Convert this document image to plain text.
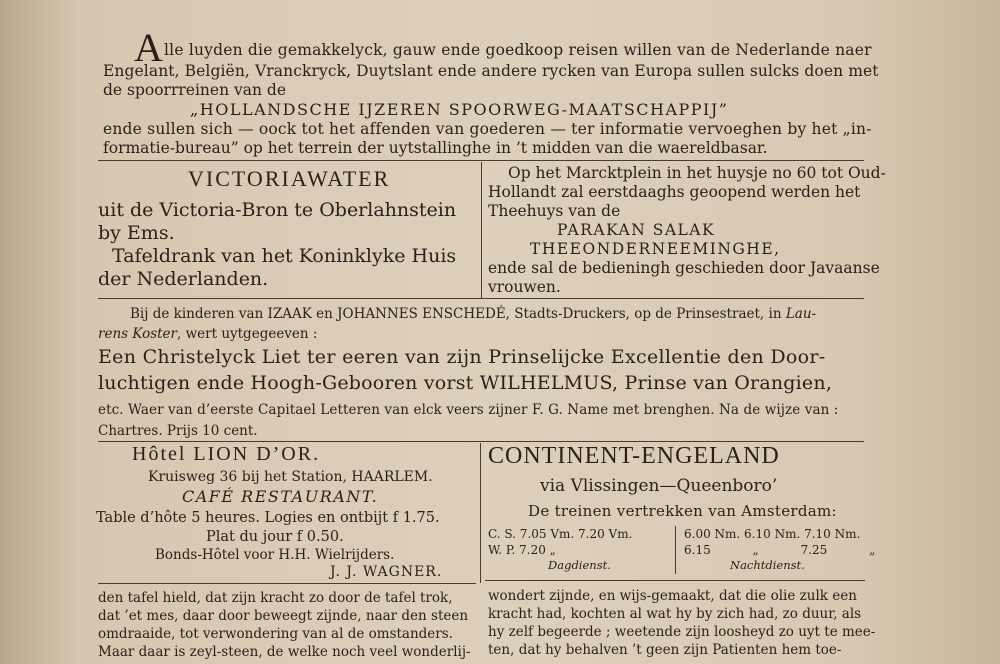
A lle luyden die gemakkelyck, gauw ende goedkoop reisen willen van de Nederlande naer
Engelant, Belgiën, Vranckryck, Duytslant ende andere rycken van Europa sullen sulcks doen met
de spoorrreinen van de
„HOLLANDSCHE IJZEREN SPOORWEG-MAATSCHAPPIJ”
ende sullen sich — oock tot het affenden van goederen — ter informatie vervoeghen by het „in-
formatie-bureau” op het terrein der uytstallinghe in ’t midden van die waereldbasar.
VICTORIAWATER
uit de Victoria-Bron te Oberlahnstein
by Ems.
Tafeldrank van het Koninklyke Huis
der Nederlanden.
Op het Marcktplein in het huysje no 60 tot Oud-
Hollandt zal eerstdaaghs geoopend werden het
Theehuys van de
PARAKAN SALAK
THEEONDERNEEMINGHE,
ende sal de bedieningh geschieden door Javaanse
vrouwen.
Bij de kinderen van IZAAK en JOHANNES ENSCHEDÉ, Stadts-Druckers, op de Prinsestraet, in Lau-
rens Koster, wert uytgegeeven :
Een Christelyck Liet ter eeren van zijn Prinselijcke Excellentie den Door-
luchtigen ende Hoogh-Gebooren vorst WILHELMUS, Prinse van Orangien,
etc. Waer van d’eerste Capitael Letteren van elck veers zijner F. G. Name met brenghen. Na de wijze van :
Chartres. Prijs 10 cent.
Hôtel LION D’OR.
Kruisweg 36 bij het Station, HAARLEM.
CAFÉ RESTAURANT.
Table d’hôte 5 heures. Logies en ontbijt f 1.75.
Plat du jour f 0.50.
Bonds-Hôtel voor H.H. Wielrijders.
J. J. WAGNER.
CONTINENT-ENGELAND
via Vlissingen—Queenboro’
De treinen vertrekken van Amsterdam:
C. S. 7.05 Vm. 7.20 Vm.
W. P. 7.20 „
Dagdienst.
6.00 Nm. 6.10 Nm. 7.10 Nm.
6.15 „ 7.25 „
Nachtdienst.
den tafel hield, dat zijn kracht zo door de tafel trok,
dat ’et mes, daar door beweegt zijnde, naar den steen
omdraaide, tot verwondering van al de omstanders.
Maar daar is zeyl-steen, de welke noch veel wonderlij-
wondert zijnde, en wijs-gemaakt, dat die olie zulk een
kracht had, kochten al wat hy by zich had, zo duur, als
hy zelf begeerde ; weetende zijn loosheyd zo uyt te mee-
ten, dat hy behalven ’t geen zijn Patienten hem toe-
